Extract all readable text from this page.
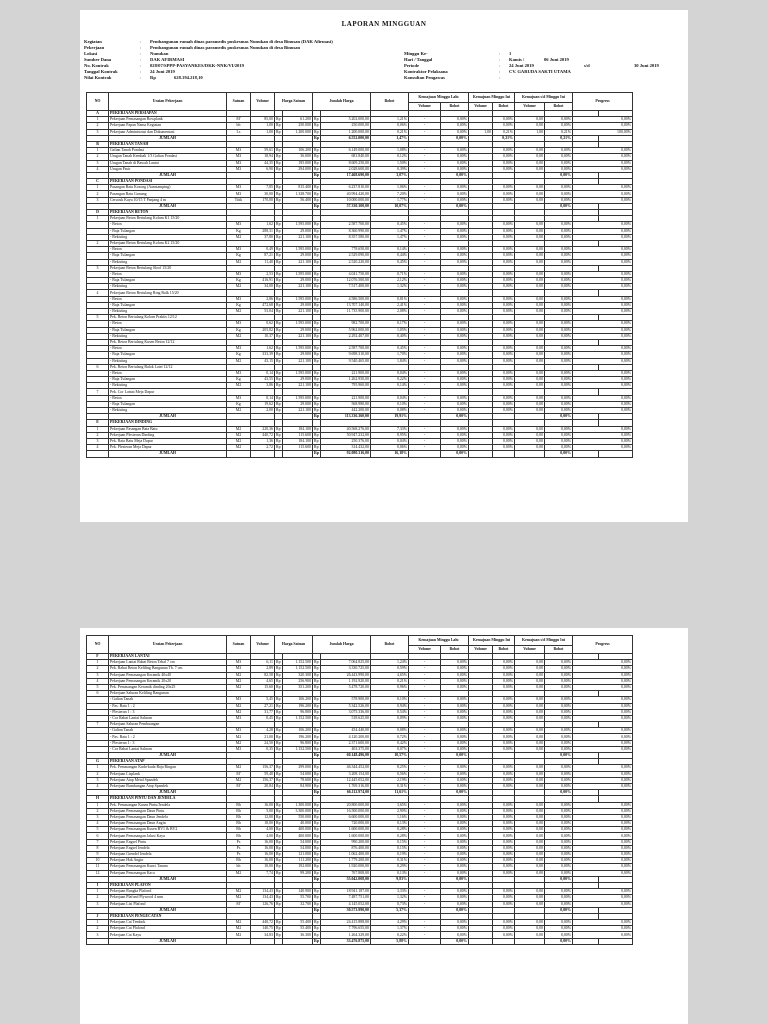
LAPORAN MINGGUAN
Kegiatan	: Pembangunan rumah dinas paramedis puskesmas Nunukan di desa Binusan (DAK Afirmasi)
Pekerjaan	: Pembangunan rumah dinas paramedis puskesmas Nunukan di desa Binusan
Lokasi	: Nunukan	Minggu Ke-	: 1
Sumber Dana	: DAK AFIRMASI	Hari / Tanggal	: Kamis /	06 Juni 2019
No. Kontrak	: 028/07/SPPP-PASYANKES/DKK-NNK/VI/2019	Periode	: 24 Juni 2019	s/d	30 Juni 2019
Tanggal Kontrak	: 24 Juni 2019	Kontraktor Pelaksana	: CV. GARUDA SAKTI UTAMA
Nilai Kontrak	: Rp	628.194.218,10	Konsultan Pengawas	:
NO	Uraian Pekerjaan	Satuan	Volume	Harga Satuan		Jumlah Harga		Bobot	Kemajuan Minggu Lalu		Kemajuan Minggu Ini		Kemajuan s/d Minggu Ini		Progress	
									Volume	Bobot	Volume	Bobot	Volume	Bobot		
A	PEKERJAAN PERSIAPAN															
1	Pekerjaan Pemasangan Bowplank	M'	85,00	Rp	61.200	Rp	5.202.000,00	1,21%	-	0,00%		0,00%	0,00	0,00%	0,00%	
2	Pekerjaan Papan Nama Kegiatan	bh	1,00	Rp	250.000	Rp	250.000,00	0,06%	-	0,00%		0,00%	0,00	0,00%	0,00%	
3	Pekerjaan Administrasi dan Dokumentasi	Ls	1,00	Rp	1.200.000	Rp	1.200.000,00	0,21%	-	0,00%	1,00	0,21%	1,00	0,21%	100,00%	
	JUMLAH					Rp	6.552.000,00	1,47%		0,00%		0,21%		0,21%		
B	PEKERJAAN TANAH															
1	Galian Tanah Pondasi	M3	59,61	Rp	106.200	Rp	6.149.000,00	1,08%	-	0,00%		0,00%	0,00	0,00%	0,00%	
2	Urugan Tanah Kembali 1/3 Galian Pondasi	M3	18,94	Rp	36.000	Rp	681.840,00	0,12%	-	0,00%		0,00%	0,00	0,00%	0,00%	
3	Urugan Tanah di Bawah Lantai	M3	44,35	Rp	195.000	Rp	8.609.250,00	1,50%	-	0,00%		0,00%	0,00	0,00%	0,00%	
4	Urugan Pasir	M3	6,90	Rp	294.000	Rp	2.028.600,00	0,39%	-	0,00%		0,00%	0,00	0,00%	0,00%	
	JUMLAH					Rp	17.468.690,00	3,07%		0,00%				0,00%		
C	PEKERJAAN PONDASI															
1	Pasangan Batu Kosong (Aanstamping)	M3	7,85	Rp	815.400	Rp	6.237.810,00	1,06%	-	0,00%		0,00%	0,00	0,00%	0,00%	
2	Pasangan Batu Gunung	M3	30,00	Rp	1.338.700	Rp	40.994.420,00	7,20%	-	0,00%		0,00%	0,00	0,00%	0,00%	
3	Cerucuk Kayu 10/15 T Panjang 4 m	Titik	170,00	Rp	56.400	Rp	10.000.000,00	1,77%	-	0,00%		0,00%	0,00	0,00%	0,00%	
	JUMLAH					Rp	57.330.300,00	10,07%		0,00%				0,00%		
D	PEKERJAAN BETON															
1	Pekerjaan Beton Bertulang Kolom K1 15/20															
	- Beton	M3	1,62	Rp	1.595.000	Rp	2.587.700,00	0,45%	-	0,00%		0,00%	0,00	0,00%	0,00%	
	- Baja Tulangan	Kg	288,31	Rp	29.000	Rp	8.360.990,00	1,47%	-	0,00%		0,00%	0,00	0,00%	0,00%	
	- Bekisting	M2	37,80	Rp	221.100	Rp	8.357.580,00	1,47%	-	0,00%		0,00%	0,00	0,00%	0,00%	
2	Pekerjaan Beton Bertulang Kolom K2 15/20															
	- Beton	M3	0,49	Rp	1.595.000	Rp	778.650,00	0,14%	-	0,00%		0,00%	0,00	0,00%	0,00%	
	- Baja Tulangan	Kg	87,21	Rp	29.000	Rp	2.529.090,00	0,44%	-	0,00%		0,00%	0,00	0,00%	0,00%	
	- Bekisting	M2	11,40	Rp	221.100	Rp	2.520.220,00	0,45%	-	0,00%		0,00%	0,00	0,00%	0,00%	
3	Pekerjaan Beton Bertulang Sloof 15/20															
	- Beton	M3	2,53	Rp	1.595.000	Rp	4.041.750,00	0,71%	-	0,00%		0,00%	0,00	0,00%	0,00%	
	- Baja Tulangan	Kg	416,91	Rp	29.000	Rp	12.076.500,00	2,12%	-	0,00%		0,00%	0,00	0,00%	0,00%	
	- Bekisting	M2	34,00	Rp	221.100	Rp	7.517.400,00	1,32%	-	0,00%		0,00%	0,00	0,00%	0,00%	
4	Pekerjaan Beton Bertulang Ring Balk 15/20															
	- Beton	M3	2,86	Rp	1.595.000	Rp	4.586.500,00	0,81%	-	0,00%		0,00%	0,00	0,00%	0,00%	
	- Baja Tulangan	Kg	472,68	Rp	29.000	Rp	13.707.140,00	2,41%	-	0,00%		0,00%	0,00	0,00%	0,00%	
	- Bekisting	M2	53,04	Rp	221.100	Rp	11.735.900,00	2,08%	-	0,00%		0,00%	0,00	0,00%	0,00%	
5	Pek. Beton Bertulang Kolom Praktis 12/12															
	- Beton	M3	0,62	Rp	1.595.000	Rp	982.700,00	0,17%	-	0,00%		0,00%	0,00	0,00%	0,00%	
	- Baja Tulangan	Kg	205,82	Rp	29.000	Rp	5.962.000,00	1,05%	-	0,00%		0,00%	0,00	0,00%	0,00%	
	- Bekisting	M2	10,37	Rp	221.100	Rp	2.292.407,00	0,40%	-	0,00%		0,00%	0,00	0,00%	0,00%	
	Pek. Beton Bertulang Kusen Beton 12/12															
	- Beton	M3	1,62	Rp	1.595.000	Rp	2.587.700,00	0,45%	-	0,00%		0,00%	0,00	0,00%	0,00%	
	- Baja Tulangan	Kg	333,39	Rp	29.000	Rp	9.698.310,00	1,70%	-	0,00%		0,00%	0,00	0,00%	0,00%	
	- Bekisting	M2	43,15	Rp	221.100	Rp	9.540.465,00	1,84%	-	0,00%		0,00%	0,00	0,00%	0,00%	
6	Pek. Beton Bertulang Balok Latei 12/12															
	- Beton	M3	0,14	Rp	1.595.000	Rp	221.900,00	0,04%	-	0,00%		0,00%	0,00	0,00%	0,00%	
	- Baja Tulangan	Kg	43,55	Rp	29.000	Rp	1.262.950,00	0,22%	-	0,00%		0,00%	0,00	0,00%	0,00%	
	- Bekisting	M2	3,86	Rp	221.100	Rp	795.960,00	0,14%	-	0,00%		0,00%	0,00	0,00%	0,00%	
7	Pek. Cor Lantai Meja Dapur															
	- Beton	M3	0,14	Rp	1.595.000	Rp	221.900,00	0,04%	-	0,00%		0,00%	0,00	0,00%	0,00%	
	- Baja Tulangan	Kg	19,62	Rp	29.000	Rp	568.980,00	0,10%	-	0,00%		0,00%	0,00	0,00%	0,00%	
	- Bekisting	M2	2,00	Rp	221.100	Rp	442.200,00	0,08%	-	0,00%		0,00%	0,00	0,00%	0,00%	
	JUMLAH					Rp	113.336.360,00	19,91%		0,00%				0,00%		
E	PEKERJAAN DINDING															
1	Pekerjaan Pasangan Bata Batu	M2	220,36	Rp	184.100	Rp	40.568.276,00	7,33%	-	0,00%		0,00%	0,00	0,00%	0,00%	
2	Pekerjaan Plesteran Dinding	M2	440,72	Rp	115.600	Rp	50.947.232,00	8,95%	-	0,00%		0,00%	0,00	0,00%	0,00%	
3	Pek. Bata Batu Meja Dapur	M2	1,36	Rp	184.100	Rp	250.376,00	0,04%	-	0,00%		0,00%	0,00	0,00%	0,00%	
4	Pek. Plesteran Meja Dapur	M2	2,72	Rp	115.600	Rp	314.432,00	0,06%	-	0,00%		0,00%	0,00	0,00%	0,00%	
	JUMLAH					Rp	92.080.316,00	16,18%		0,00%				0,00%		
NO	Uraian Pekerjaan	Satuan	Volume	Harga Satuan		Jumlah Harga		Bobot	Kemajuan Minggu Lalu		Kemajuan Minggu Ini		Kemajuan s/d Minggu Ini		Progress	
									Volume	Bobot	Volume	Bobot	Volume	Bobot		
F	PEKERJAAN LANTAI															
1	Pekerjaan Lantai Rabat Beton Tebal 7 cm	M3	6,11	Rp	1.152.500	Rp	7.064.825,00	1,24%	-	0,00%		0,00%	0,00	0,00%	0,00%	
2	Pek. Rabat Beton Keliling Bangunan Tb. 7 cm	M3	2,89	Rp	1.152.500	Rp	3.330.725,00	0,59%	-	0,00%		0,00%	0,00	0,00%	0,00%	
3	Pekerjaan Pemasangan Keramik 40x40	M2	82,58	Rp	320.300	Rp	26.443.990,00	4,65%	-	0,00%		0,00%	0,00	0,00%	0,00%	
4	Pekerjaan Pemasangan Keramik 20x20	M2	4,65	Rp	256.900	Rp	1.192.920,00	0,21%	-	0,00%		0,00%	0,00	0,00%	0,00%	
5	Pek. Pemasangan Keramik dinding 20x25	M2	15,60	Rp	351.200	Rp	5.478.720,00	0,96%	-	0,00%		0,00%	0,00	0,00%	0,00%	
6	Pekerjaan Saluran Keliling Bangunan															
	- Galian Tanah	M3	5,45	Rp	106.200	Rp	578.900,00	0,10%	-	0,00%		0,00%	0,00	0,00%	0,00%	
	- Pas. Bata 1 : 2	M2	27,21	Rp	196.200	Rp	5.342.526,00	0,94%	-	0,00%		0,00%	0,00	0,00%	0,00%	
	- Plesteran 1 : 3	M2	31,77	Rp	96.800	Rp	3.075.336,00	0,54%	-	0,00%		0,00%	0,00	0,00%	0,00%	
	- Cor Rabat Lantai Saluran	M3	0,45	Rp	1.152.500	Rp	518.625,00	0,09%	-	0,00%		0,00%	0,00	0,00%	0,00%	
7	Pekerjaan Saluran Pembuangan															
	- Galian Tanah	M3	4,28	Rp	106.200	Rp	454.440,00	0,08%	-	0,00%		0,00%	0,00	0,00%	0,00%	
	- Pas. Bata 1 : 2	M2	21,00	Rp	196.200	Rp	4.120.200,00	0,72%	-	0,00%		0,00%	0,00	0,00%	0,00%	
	- Plesteran 1 : 3	M2	24,50	Rp	96.800	Rp	2.371.600,00	0,42%	-	0,00%		0,00%	0,00	0,00%	0,00%	
	- Cor Rabat Lantai Saluran	M3	0,35	Rp	1.152.500	Rp	403.375,00	0,07%	-	0,00%		0,00%	0,00	0,00%	0,00%	
	JUMLAH					Rp	60.148.496,00	10,57%		0,00%				0,00%		
G	PEKERJAAN ATAP															
1	Pek. Pemasangan Kuda-kuda Baja Ringan	M2	156,37	Rp	299.000	Rp	46.344.452,00	8,25%	-	0,00%		0,00%	0,00	0,00%	0,00%	
2	Pekerjaan Lisplank	M'	59,40	Rp	54.000	Rp	3.208.154,00	0,56%	-	0,00%		0,00%	0,00	0,00%	0,00%	
3	Pekerjaan Atap Metal Spandek	M2	156,37	Rp	78.600	Rp	12.445.052,00	2,19%	-	0,00%		0,00%	0,00	0,00%	0,00%	
4	Pekerjaan Bumbungan Atap Spandek	M'	20,84	Rp	84.900	Rp	1.769.316,00	0,31%	-	0,00%		0,00%	0,00	0,00%	0,00%	
	JUMLAH					Rp	66.112.974,00	11,61%		0,00%				0,00%		
H	PEKERJAAN PINTU DAN JENDELA															
1	Pek. Pemasangan Kusen Pintu/Jendela	Bh	16,00	Rp	1.300.000	Rp	20.800.000,00	3,65%	-	0,00%		0,00%	0,00	0,00%	0,00%	
2	Pekerjaan Pemasangan Daun Pintu	Bh	5,00	Rp	3.300.000	Rp	16.500.000,00	2,90%	-	0,00%		0,00%	0,00	0,00%	0,00%	
3	Pekerjaan Pemasangan Daun Jendela	Bh	12,00	Rp	550.000	Rp	6.600.000,00	1,16%	-	0,00%		0,00%	0,00	0,00%	0,00%	
4	Pekerjaan Pemasangan Daun Angin	Bh	18,00	Rp	40.000	Rp	720.000,00	0,13%	-	0,00%		0,00%	0,00	0,00%	0,00%	
5	Pekerjaan Pemasangan Kusen BV1 & BV2	Bh	4,00	Rp	400.000	Rp	1.600.000,00	0,28%	-	0,00%		0,00%	0,00	0,00%	0,00%	
6	Pekerjaan Pemasangan Jalusi Kayu	Bh	4,00	Rp	400.000	Rp	1.600.000,00	0,28%	-	0,00%		0,00%	0,00	0,00%	0,00%	
7	Pekerjaan Engsel Pintu	Ps	16,00	Rp	54.000	Rp	990.200,00	0,15%	-	0,00%		0,00%	0,00	0,00%	0,00%	
8	Pekerjaan Engsel Jendela	Ps	16,00	Rp	54.000	Rp	876.400,00	0,15%	-	0,00%		0,00%	0,00	0,00%	0,00%	
9	Pekerjaan Grendel Jendela	Ps	16,00	Rp	121.000	Rp	1.062.400,00	0,19%	-	0,00%		0,00%	0,00	0,00%	0,00%	
10	Pekerjaan Hak Angin	Bh	16,00	Rp	111.200	Rp	1.779.200,00	0,31%	-	0,00%		0,00%	0,00	0,00%	0,00%	
11	Pekerjaan Pemasangan Kunci Tanam	bh	10,00	Rp	192.000	Rp	1.920.000,00	0,29%	-	0,00%		0,00%	0,00	0,00%	0,00%	
12	Pekerjaan Pemasangan Kaca	M2	7,74	Rp	99.200	Rp	767.808,00	0,13%	-	0,00%		0,00%	0,00	0,00%	0,00%	
	JUMLAH					Rp	55.042.008,00	9,83%		0,00%				0,00%		
I	PEKERJAAN PLAFON															
1	Pekerjaan Rangka Plafond	M2	134,43	Rp	140.900	Rp	18.941.187,00	3,33%	-	0,00%		0,00%	0,00	0,00%	0,00%	
2	Pekerjaan Plafond Plywood 4 mm	M2	134,43	Rp	55.700	Rp	7.487.751,00	1,32%	-	0,00%		0,00%	0,00	0,00%	0,00%	
3	Pekerjaan List Plafond	M'	126,76	Rp	32.700	Rp	4.145.052,00	0,73%	-	0,00%		0,00%	0,00	0,00%	0,00%	
	JUMLAH					Rp	30.573.990,00	5,37%		0,00%				0,00%		
J	PEKERJAAN PENGECATAN															
1	Pekerjaan Cat Tembok	M2	440,72	Rp	55.400	Rp	24.415.888,00	4,29%	-	0,00%		0,00%	0,00	0,00%	0,00%	
2	Pekerjaan Cat Plafond	M2	140,75	Rp	55.400	Rp	7.796.655,00	1,37%	-	0,00%		0,00%	0,00	0,00%	0,00%	
3	Pekerjaan Cat Kayu	M2	34,83	Rp	36.300	Rp	1.264.329,00	0,22%	-	0,00%		0,00%	0,00	0,00%	0,00%	
	JUMLAH					Rp	33.476.875,00	5,88%		0,00%				0,00%		
